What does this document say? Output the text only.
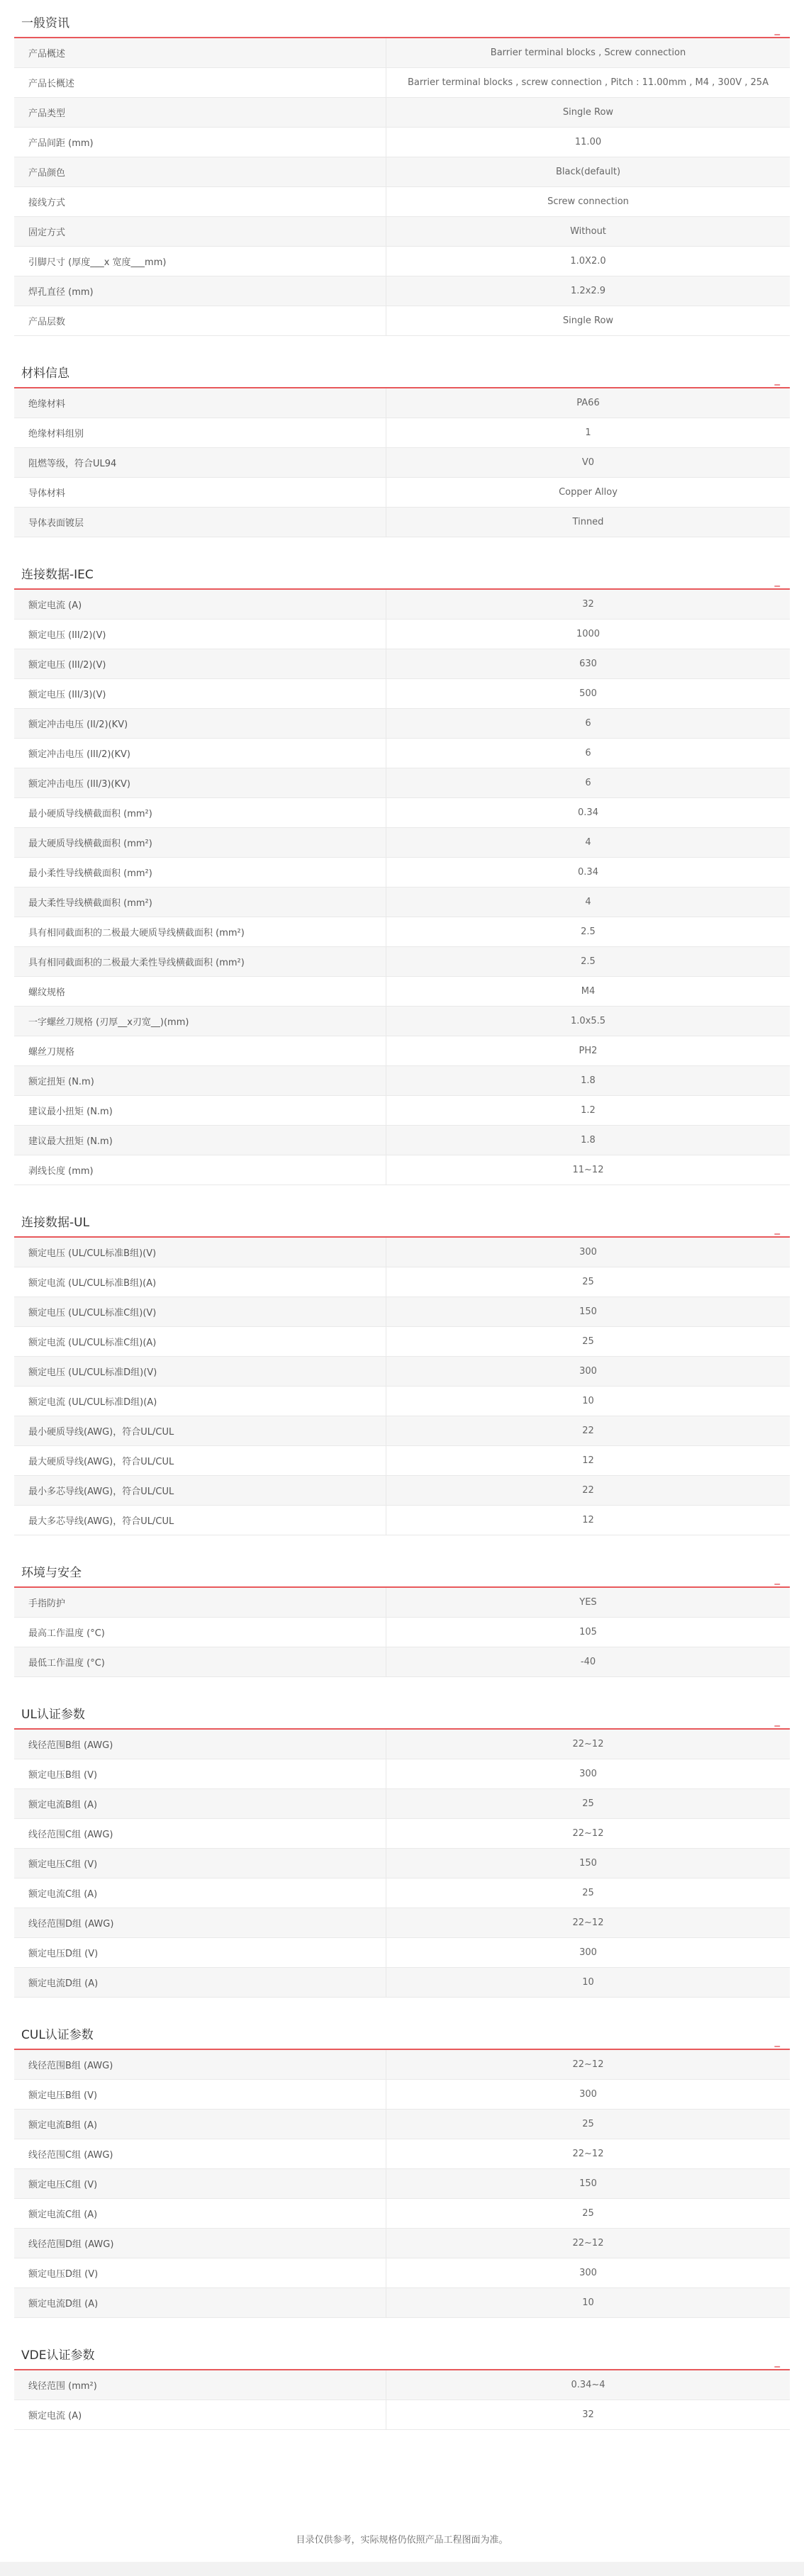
一般资讯	_
产品概述	Barrier terminal blocks , Screw connection
产品长概述	Barrier terminal blocks , screw connection , Pitch : 11.00mm , M4 , 300V , 25A
产品类型	Single Row
产品间距 (mm)	11.00
产品颜色	Black(default)
接线方式	Screw connection
固定方式	Without
引脚尺寸 (厚度___x 宽度___mm)	1.0X2.0
焊孔直径 (mm)	1.2x2.9
产品层数	Single Row
材料信息	_
绝缘材料	PA66
绝缘材料组别	1
阻燃等级，符合UL94	V0
导体材料	Copper Alloy
导体表面镀层	Tinned
连接数据-IEC	_
额定电流 (A)	32
额定电压 (III/2)(V)	1000
额定电压 (III/2)(V)	630
额定电压 (III/3)(V)	500
额定冲击电压 (II/2)(KV)	6
额定冲击电压 (III/2)(KV)	6
额定冲击电压 (III/3)(KV)	6
最小硬质导线横截面积 (mm²)	0.34
最大硬质导线横截面积 (mm²)	4
最小柔性导线横截面积 (mm²)	0.34
最大柔性导线横截面积 (mm²)	4
具有相同截面积的二极最大硬质导线横截面积 (mm²)	2.5
具有相同截面积的二极最大柔性导线横截面积 (mm²)	2.5
螺纹规格	M4
一字螺丝刀规格 (刃厚__x刃宽__)(mm)	1.0x5.5
螺丝刀规格	PH2
额定扭矩 (N.m)	1.8
建议最小扭矩 (N.m)	1.2
建议最大扭矩 (N.m)	1.8
剥线长度 (mm)	11~12
连接数据-UL	_
额定电压 (UL/CUL标准B组)(V)	300
额定电流 (UL/CUL标准B组)(A)	25
额定电压 (UL/CUL标准C组)(V)	150
额定电流 (UL/CUL标准C组)(A)	25
额定电压 (UL/CUL标准D组)(V)	300
额定电流 (UL/CUL标准D组)(A)	10
最小硬质导线(AWG)，符合UL/CUL	22
最大硬质导线(AWG)，符合UL/CUL	12
最小多芯导线(AWG)，符合UL/CUL	22
最大多芯导线(AWG)，符合UL/CUL	12
环境与安全	_
手指防护	YES
最高工作温度 (°C)	105
最低工作温度 (°C)	-40
UL认证参数	_
线径范围B组 (AWG)	22~12
额定电压B组 (V)	300
额定电流B组 (A)	25
线径范围C组 (AWG)	22~12
额定电压C组 (V)	150
额定电流C组 (A)	25
线径范围D组 (AWG)	22~12
额定电压D组 (V)	300
额定电流D组 (A)	10
CUL认证参数	_
线径范围B组 (AWG)	22~12
额定电压B组 (V)	300
额定电流B组 (A)	25
线径范围C组 (AWG)	22~12
额定电压C组 (V)	150
额定电流C组 (A)	25
线径范围D组 (AWG)	22~12
额定电压D组 (V)	300
额定电流D组 (A)	10
VDE认证参数	_
线径范围 (mm²)	0.34~4
额定电流 (A)	32
目录仅供参考，实际规格仍依照产品工程图面为准。
